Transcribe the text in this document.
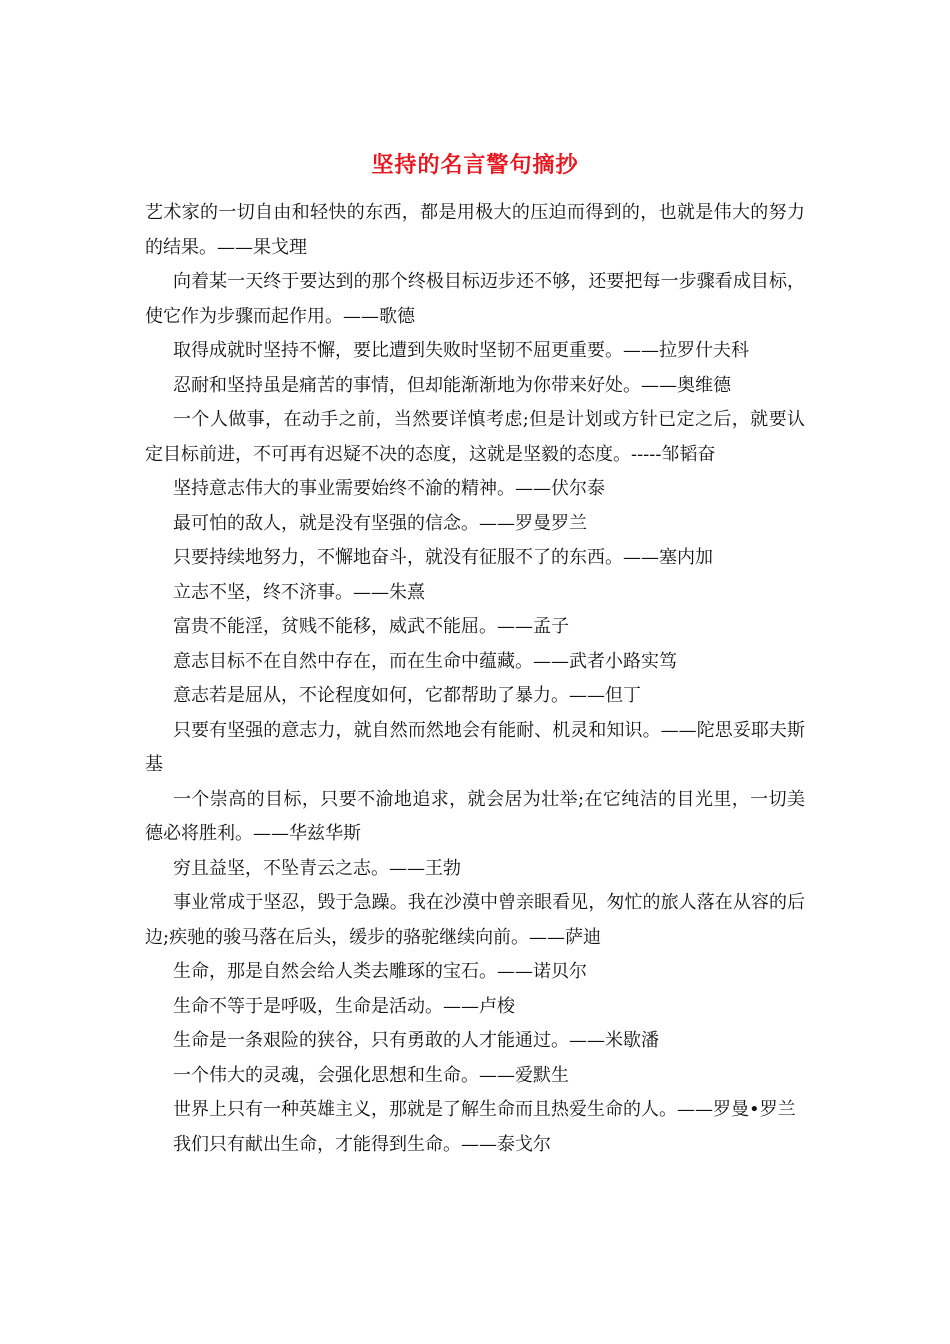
坚持的名言警句摘抄

艺术家的一切自由和轻快的东西，都是用极大的压迫而得到的，也就是伟大的努力的结果。——果戈理

向着某一天终于要达到的那个终极目标迈步还不够，还要把每一步骤看成目标，使它作为步骤而起作用。——歌德

取得成就时坚持不懈，要比遭到失败时坚韧不屈更重要。——拉罗什夫科

忍耐和坚持虽是痛苦的事情，但却能渐渐地为你带来好处。——奥维德

一个人做事，在动手之前，当然要详慎考虑;但是计划或方针已定之后，就要认定目标前进，不可再有迟疑不决的态度，这就是坚毅的态度。-----邹韬奋

坚持意志伟大的事业需要始终不渝的精神。——伏尔泰

最可怕的敌人，就是没有坚强的信念。——罗曼罗兰

只要持续地努力，不懈地奋斗，就没有征服不了的东西。——塞内加

立志不坚，终不济事。——朱熹

富贵不能淫，贫贱不能移，威武不能屈。——孟子

意志目标不在自然中存在，而在生命中蕴藏。——武者小路实笃

意志若是屈从，不论程度如何，它都帮助了暴力。——但丁

只要有坚强的意志力，就自然而然地会有能耐、机灵和知识。——陀思妥耶夫斯基

一个崇高的目标，只要不渝地追求，就会居为壮举;在它纯洁的目光里，一切美德必将胜利。——华兹华斯

穷且益坚，不坠青云之志。——王勃

事业常成于坚忍，毁于急躁。我在沙漠中曾亲眼看见，匆忙的旅人落在从容的后边;疾驰的骏马落在后头，缓步的骆驼继续向前。——萨迪

生命，那是自然会给人类去雕琢的宝石。——诺贝尔

生命不等于是呼吸，生命是活动。——卢梭

生命是一条艰险的狭谷，只有勇敢的人才能通过。——米歇潘

一个伟大的灵魂，会强化思想和生命。——爱默生

世界上只有一种英雄主义，那就是了解生命而且热爱生命的人。——罗曼•罗兰

我们只有献出生命，才能得到生命。——泰戈尔
